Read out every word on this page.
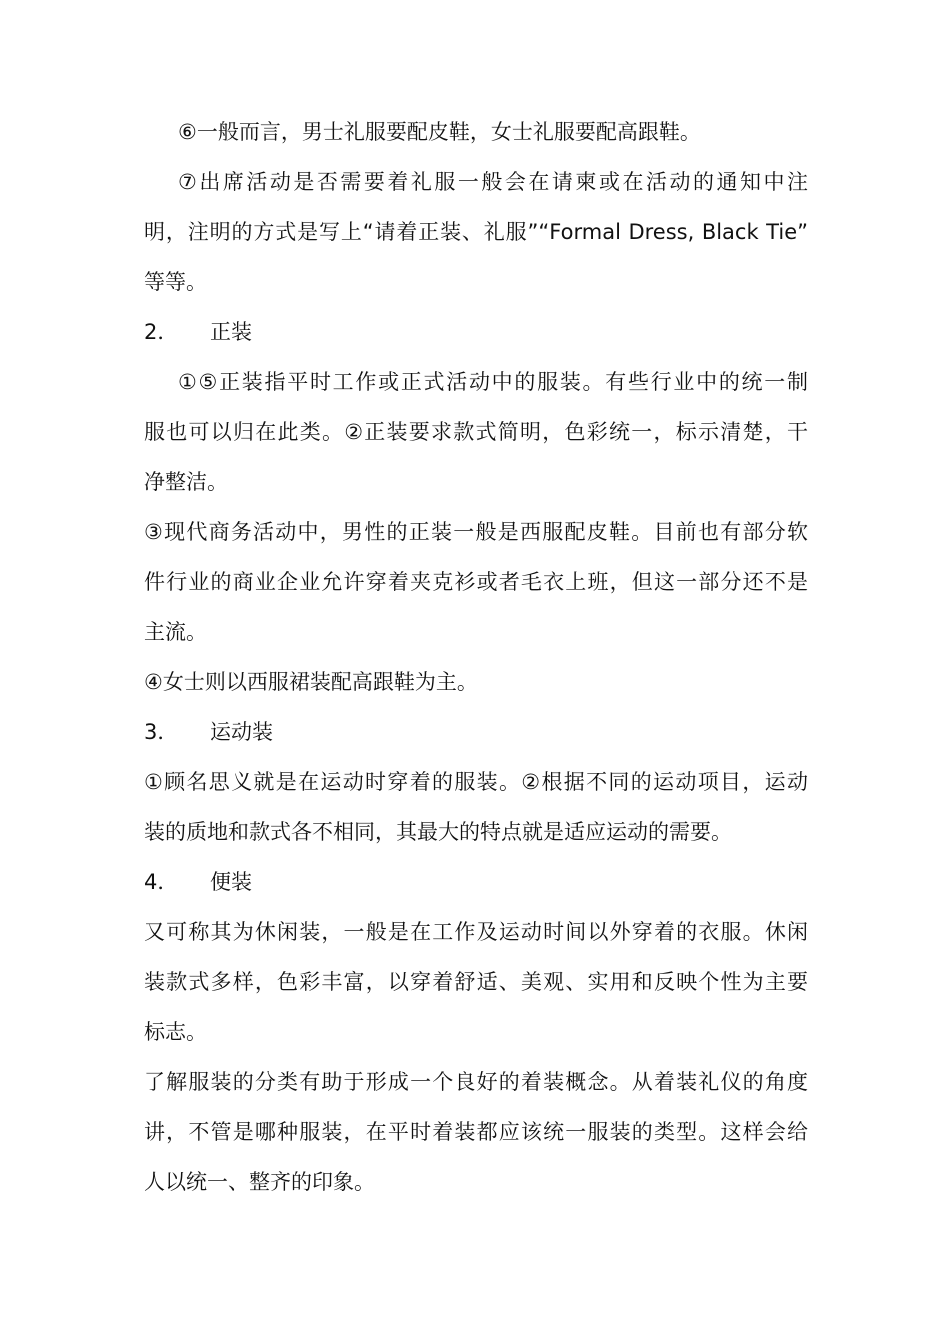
⑥一般而言，男士礼服要配皮鞋，女士礼服要配高跟鞋。
⑦出席活动是否需要着礼服一般会在请柬或在活动的通知中注
明，注明的方式是写上“请着正装、礼服”“Formal Dress, Black Tie”
等等。
2． 正装
①⑤正装指平时工作或正式活动中的服装。有些行业中的统一制
服也可以归在此类。②正装要求款式简明，色彩统一，标示清楚，干
净整洁。
③现代商务活动中，男性的正装一般是西服配皮鞋。目前也有部分软
件行业的商业企业允许穿着夹克衫或者毛衣上班，但这一部分还不是
主流。
④女士则以西服裙装配高跟鞋为主。
3． 运动装
①顾名思义就是在运动时穿着的服装。②根据不同的运动项目，运动
装的质地和款式各不相同，其最大的特点就是适应运动的需要。
4． 便装
又可称其为休闲装，一般是在工作及运动时间以外穿着的衣服。休闲
装款式多样，色彩丰富，以穿着舒适、美观、实用和反映个性为主要
标志。
了解服装的分类有助于形成一个良好的着装概念。从着装礼仪的角度
讲，不管是哪种服装，在平时着装都应该统一服装的类型。这样会给
人以统一、整齐的印象。
